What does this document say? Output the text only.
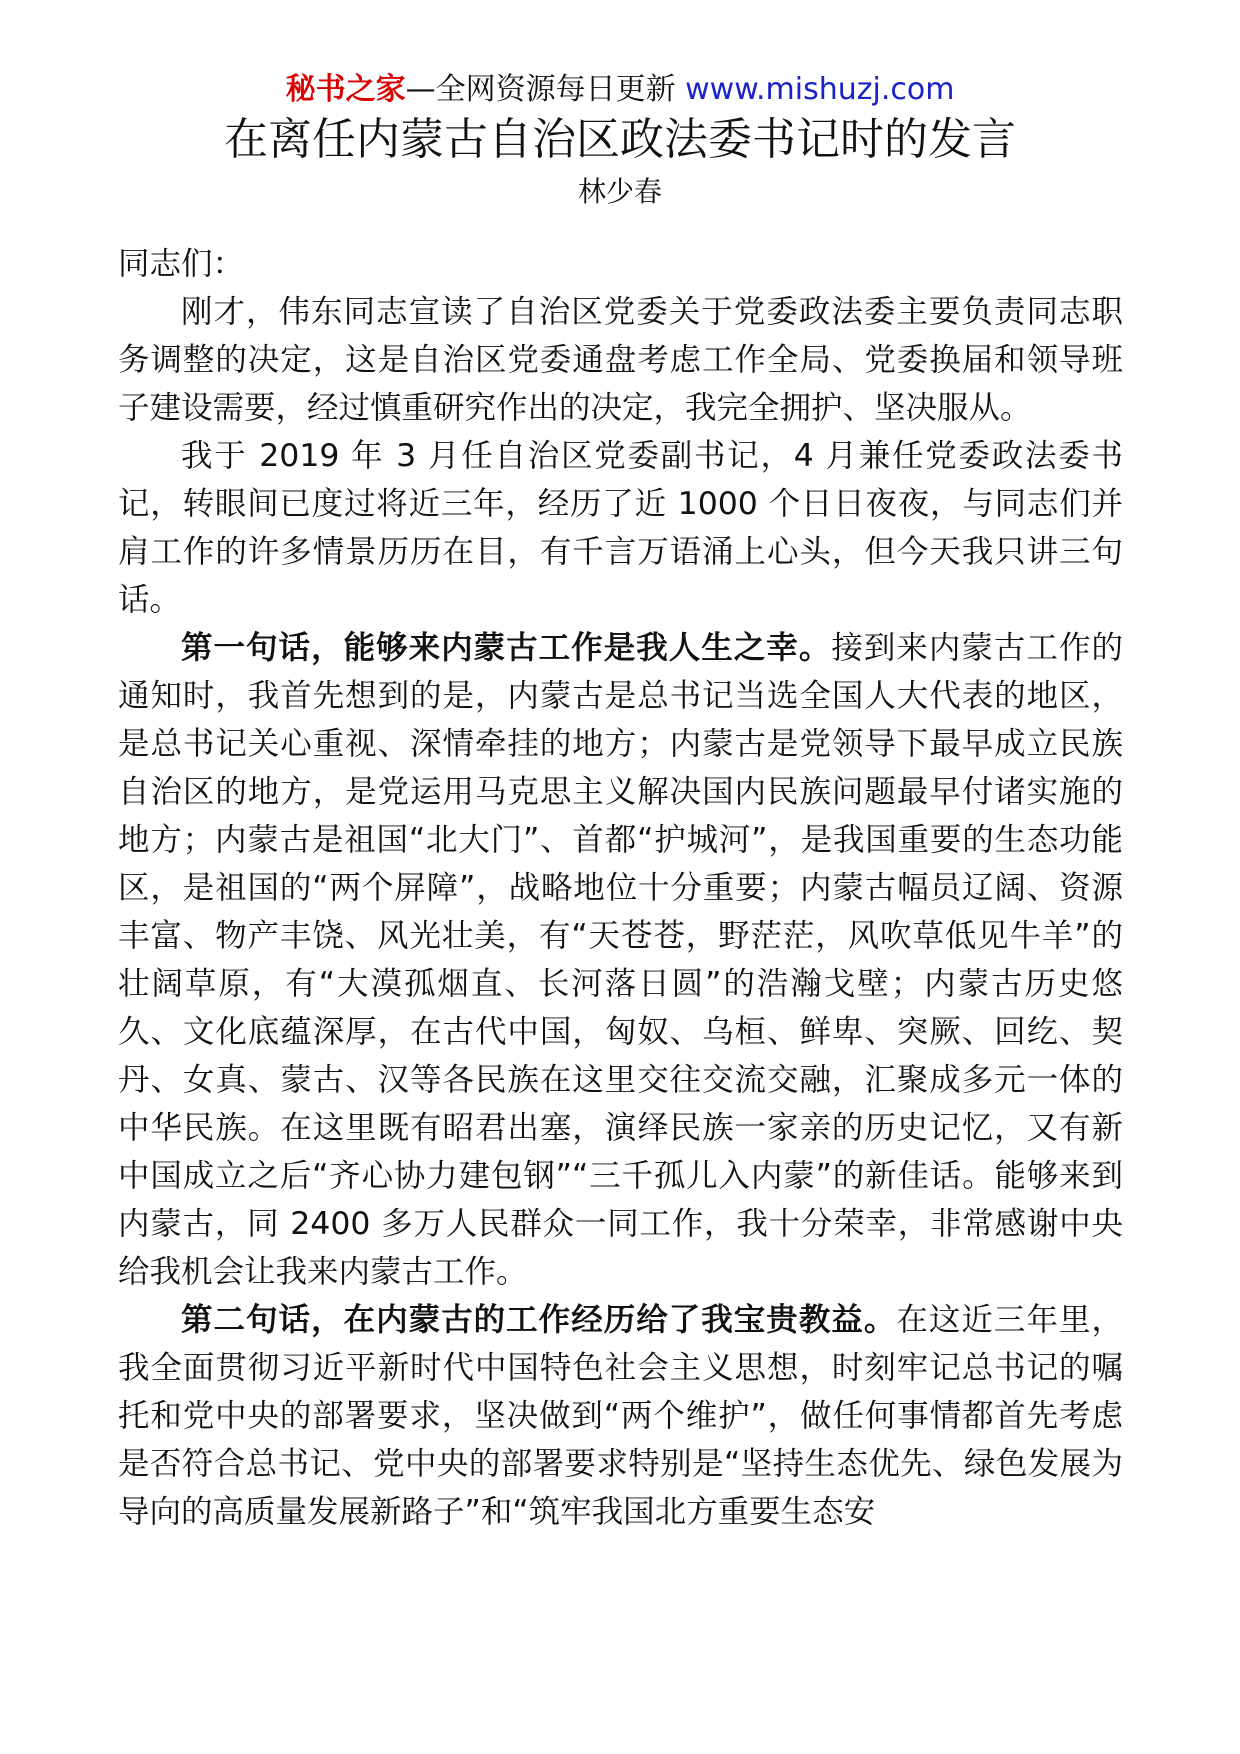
秘书之家—全网资源每日更新 www.mishuzj.com
在离任内蒙古自治区政法委书记时的发言
林少春

同志们：

刚才，伟东同志宣读了自治区党委关于党委政法委主要负责同志职务调整的决定，这是自治区党委通盘考虑工作全局、党委换届和领导班子建设需要，经过慎重研究作出的决定，我完全拥护、坚决服从。

我于 2019 年 3 月任自治区党委副书记，4 月兼任党委政法委书记，转眼间已度过将近三年，经历了近 1000 个日日夜夜，与同志们并肩工作的许多情景历历在目，有千言万语涌上心头，但今天我只讲三句话。

第一句话，能够来内蒙古工作是我人生之幸。接到来内蒙古工作的通知时，我首先想到的是，内蒙古是总书记当选全国人大代表的地区，是总书记关心重视、深情牵挂的地方；内蒙古是党领导下最早成立民族自治区的地方，是党运用马克思主义解决国内民族问题最早付诸实施的地方；内蒙古是祖国“北大门”、首都“护城河”，是我国重要的生态功能区，是祖国的“两个屏障”，战略地位十分重要；内蒙古幅员辽阔、资源丰富、物产丰饶、风光壮美，有“天苍苍，野茫茫，风吹草低见牛羊”的壮阔草原，有“大漠孤烟直、长河落日圆”的浩瀚戈壁；内蒙古历史悠久、文化底蕴深厚，在古代中国，匈奴、乌桓、鲜卑、突厥、回纥、契丹、女真、蒙古、汉等各民族在这里交往交流交融，汇聚成多元一体的中华民族。在这里既有昭君出塞，演绎民族一家亲的历史记忆，又有新中国成立之后“齐心协力建包钢”“三千孤儿入内蒙”的新佳话。能够来到内蒙古，同 2400 多万人民群众一同工作，我十分荣幸，非常感谢中央给我机会让我来内蒙古工作。

第二句话，在内蒙古的工作经历给了我宝贵教益。在这近三年里，我全面贯彻习近平新时代中国特色社会主义思想，时刻牢记总书记的嘱托和党中央的部署要求，坚决做到“两个维护”，做任何事情都首先考虑是否符合总书记、党中央的部署要求特别是“坚持生态优先、绿色发展为导向的高质量发展新路子”和“筑牢我国北方重要生态安
